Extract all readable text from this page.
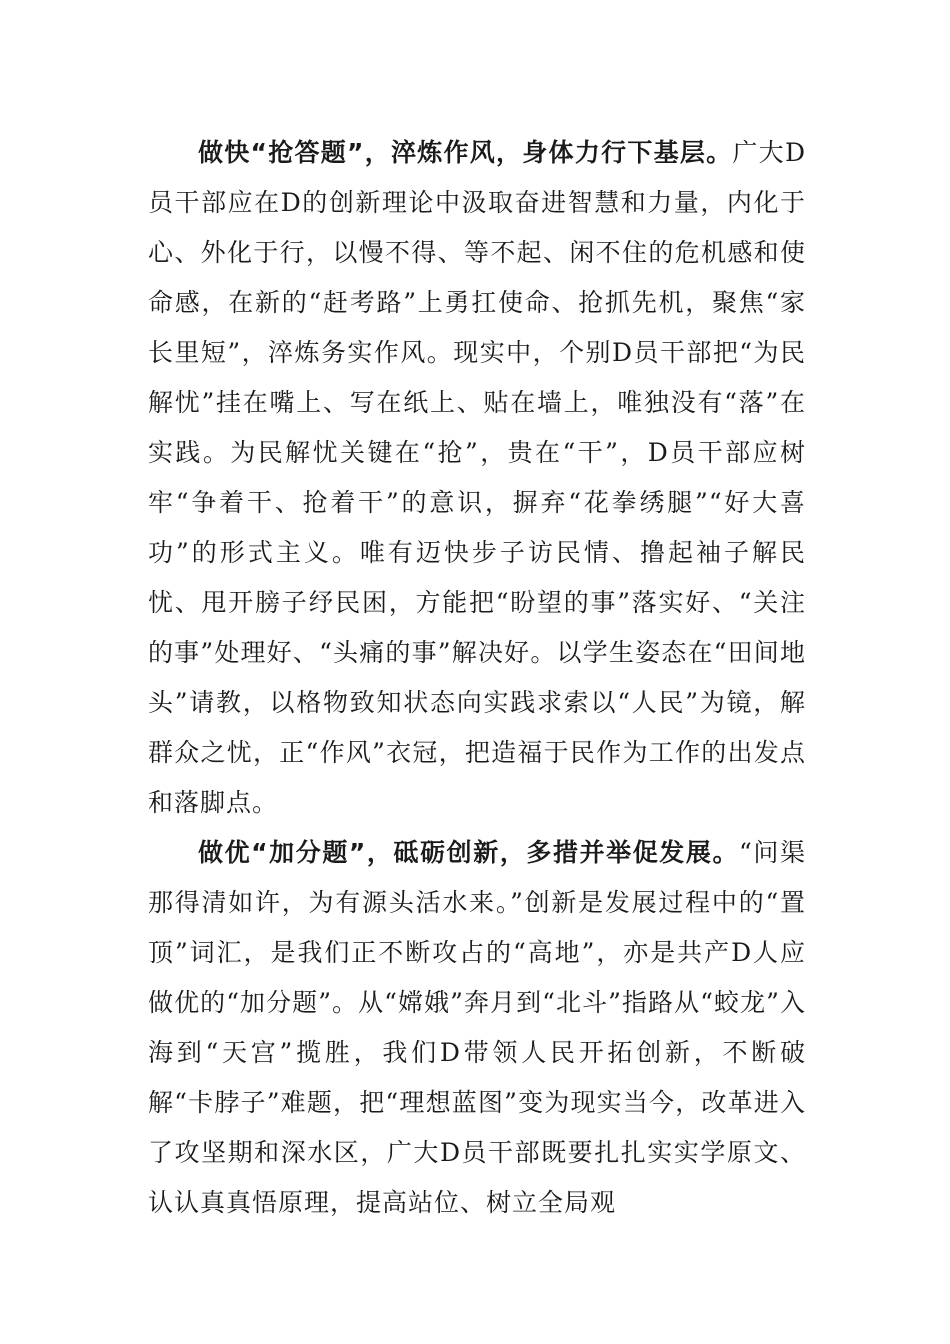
做快“抢答题”，淬炼作风，身体力行下基层。广大D员干部应在D的创新理论中汲取奋进智慧和力量，内化于心、外化于行，以慢不得、等不起、闲不住的危机感和使命感，在新的“赶考路”上勇扛使命、抢抓先机，聚焦“家长里短”，淬炼务实作风。现实中，个别D员干部把“为民解忧”挂在嘴上、写在纸上、贴在墙上，唯独没有“落”在实践。为民解忧关键在“抢”，贵在“干”，D员干部应树牢“争着干、抢着干”的意识，摒弃“花拳绣腿”“好大喜功”的形式主义。唯有迈快步子访民情、撸起袖子解民忧、甩开膀子纾民困，方能把“盼望的事”落实好、“关注的事”处理好、“头痛的事”解决好。以学生姿态在“田间地头”请教，以格物致知状态向实践求索以“人民”为镜，解群众之忧，正“作风”衣冠，把造福于民作为工作的出发点和落脚点。

做优“加分题”，砥砺创新，多措并举促发展。“问渠那得清如许，为有源头活水来。”创新是发展过程中的“置顶”词汇，是我们正不断攻占的“高地”，亦是共产D人应做优的“加分题”。从“嫦娥”奔月到“北斗”指路从“蛟龙”入海到“天宫”揽胜，我们D带领人民开拓创新，不断破解“卡脖子”难题，把“理想蓝图”变为现实当今，改革进入了攻坚期和深水区，广大D员干部既要扎扎实实学原文、认认真真悟原理，提高站位、树立全局观
